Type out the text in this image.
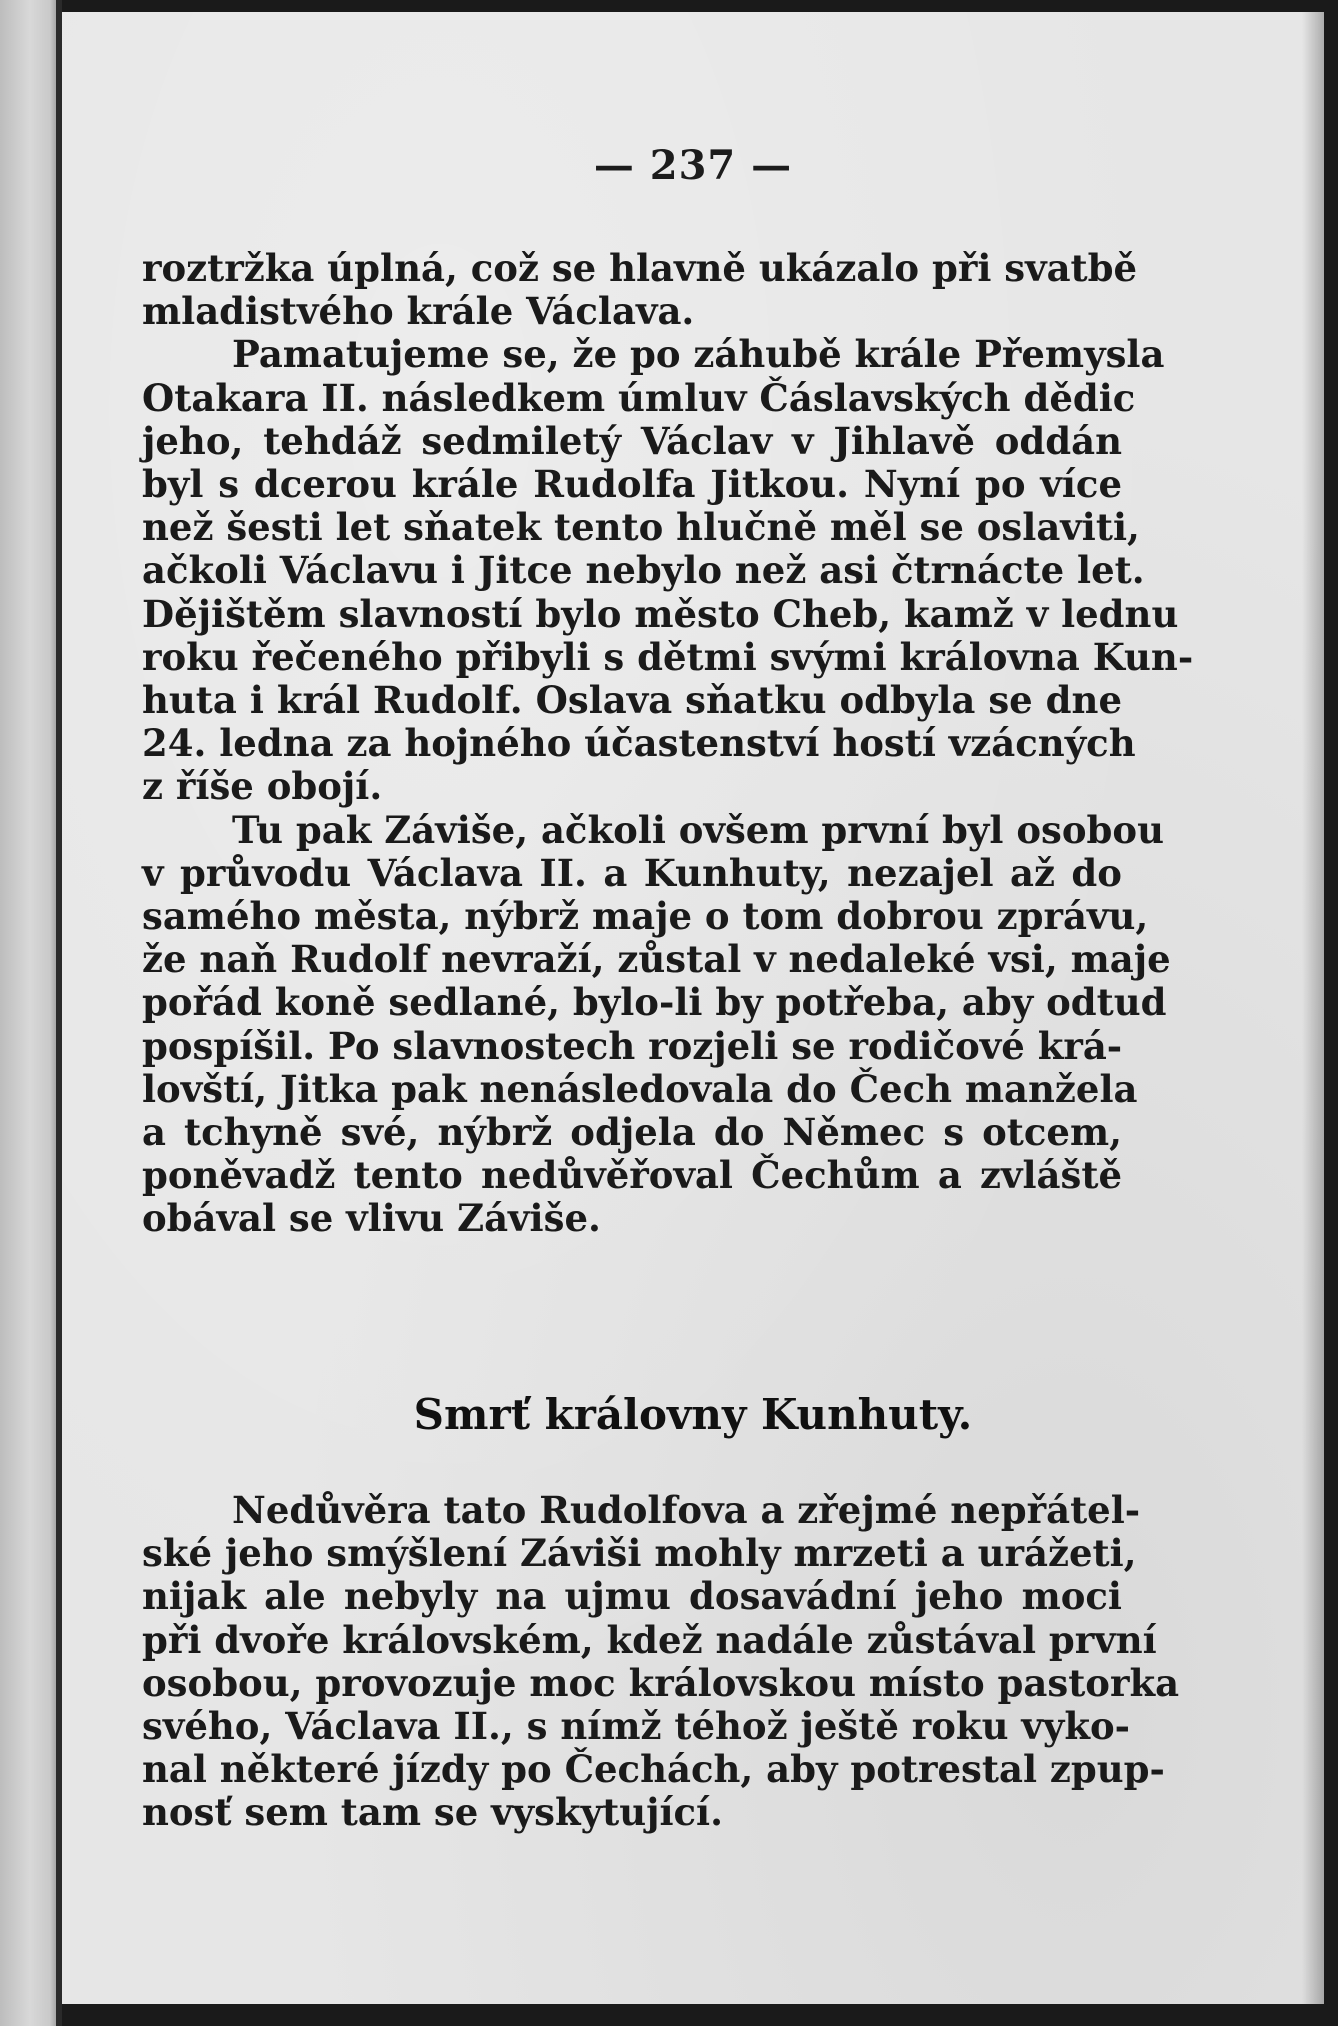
— 237 —
roztržka úplná, což se hlavně ukázalo při svatbě
mladistvého krále Václava.
Pamatujeme se, že po záhubě krále Přemysla
Otakara II. následkem úmluv Čáslavských dědic
jeho, tehdáž sedmiletý Václav v Jihlavě oddán
byl s dcerou krále Rudolfa Jitkou. Nyní po více
než šesti let sňatek tento hlučně měl se oslaviti,
ačkoli Václavu i Jitce nebylo než asi čtrnácte let.
Dějištěm slavností bylo město Cheb, kamž v lednu
roku řečeného přibyli s dětmi svými královna Kun-
huta i král Rudolf. Oslava sňatku odbyla se dne
24. ledna za hojného účastenství hostí vzácných
z říše obojí.
Tu pak Záviše, ačkoli ovšem první byl osobou
v průvodu Václava II. a Kunhuty, nezajel až do
samého města, nýbrž maje o tom dobrou zprávu,
že naň Rudolf nevraží, zůstal v nedaleké vsi, maje
pořád koně sedlané, bylo-li by potřeba, aby odtud
pospíšil. Po slavnostech rozjeli se rodičové krá-
lovští, Jitka pak nenásledovala do Čech manžela
a tchyně své, nýbrž odjela do Němec s otcem,
poněvadž tento nedůvěřoval Čechům a zvláště
obával se vlivu Záviše.
Smrť královny Kunhuty.
Nedůvěra tato Rudolfova a zřejmé nepřátel-
ské jeho smýšlení Záviši mohly mrzeti a urážeti,
nijak ale nebyly na ujmu dosavádní jeho moci
při dvoře královském, kdež nadále zůstával první
osobou, provozuje moc královskou místo pastorka
svého, Václava II., s nímž téhož ještě roku vyko-
nal některé jízdy po Čechách, aby potrestal zpup-
nosť sem tam se vyskytující.
